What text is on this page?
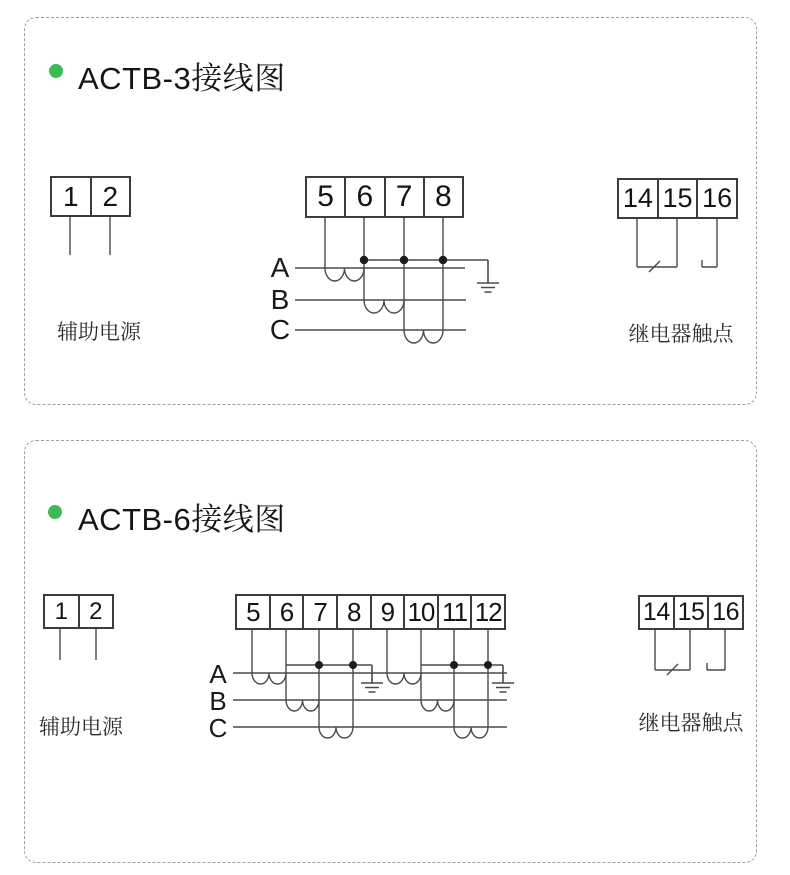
ACTB-3接线图
1 2	5 6 7 8	14 15 16
A
B
C
辅助电源	继电器触点
ACTB-6接线图
1 2	5 6 7 8 9 10 11 12	14 15 16
A
B
C
辅助电源	继电器触点
